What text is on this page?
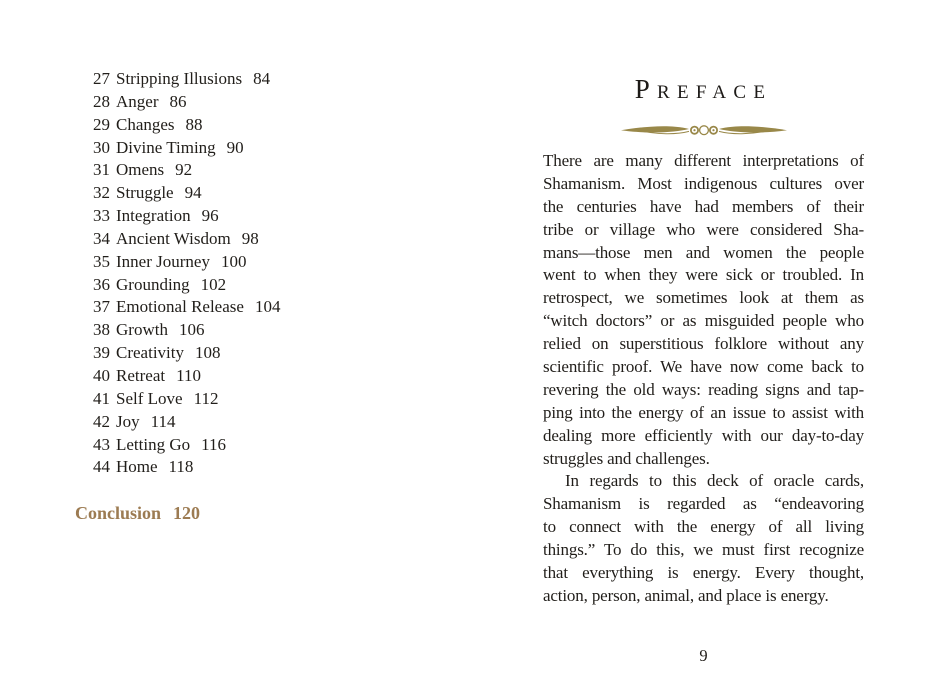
27 Stripping Illusions 84
28 Anger 86
29 Changes 88
30 Divine Timing 90
31 Omens 92
32 Struggle 94
33 Integration 96
34 Ancient Wisdom 98
35 Inner Journey 100
36 Grounding 102
37 Emotional Release 104
38 Growth 106
39 Creativity 108
40 Retreat 110
41 Self Love 112
42 Joy 114
43 Letting Go 116
44 Home 118
Conclusion 120
Preface
There are many different interpretations of
Shamanism. Most indigenous cultures over
the centuries have had members of their
tribe or village who were considered Sha-
mans—those men and women the people
went to when they were sick or troubled. In
retrospect, we sometimes look at them as
“witch doctors” or as misguided people who
relied on superstitious folklore without any
scientific proof. We have now come back to
revering the old ways: reading signs and tap-
ping into the energy of an issue to assist with
dealing more efficiently with our day-to-day
struggles and challenges.
In regards to this deck of oracle cards,
Shamanism is regarded as “endeavoring
to connect with the energy of all living
things.” To do this, we must first recognize
that everything is energy. Every thought,
action, person, animal, and place is energy.
9
